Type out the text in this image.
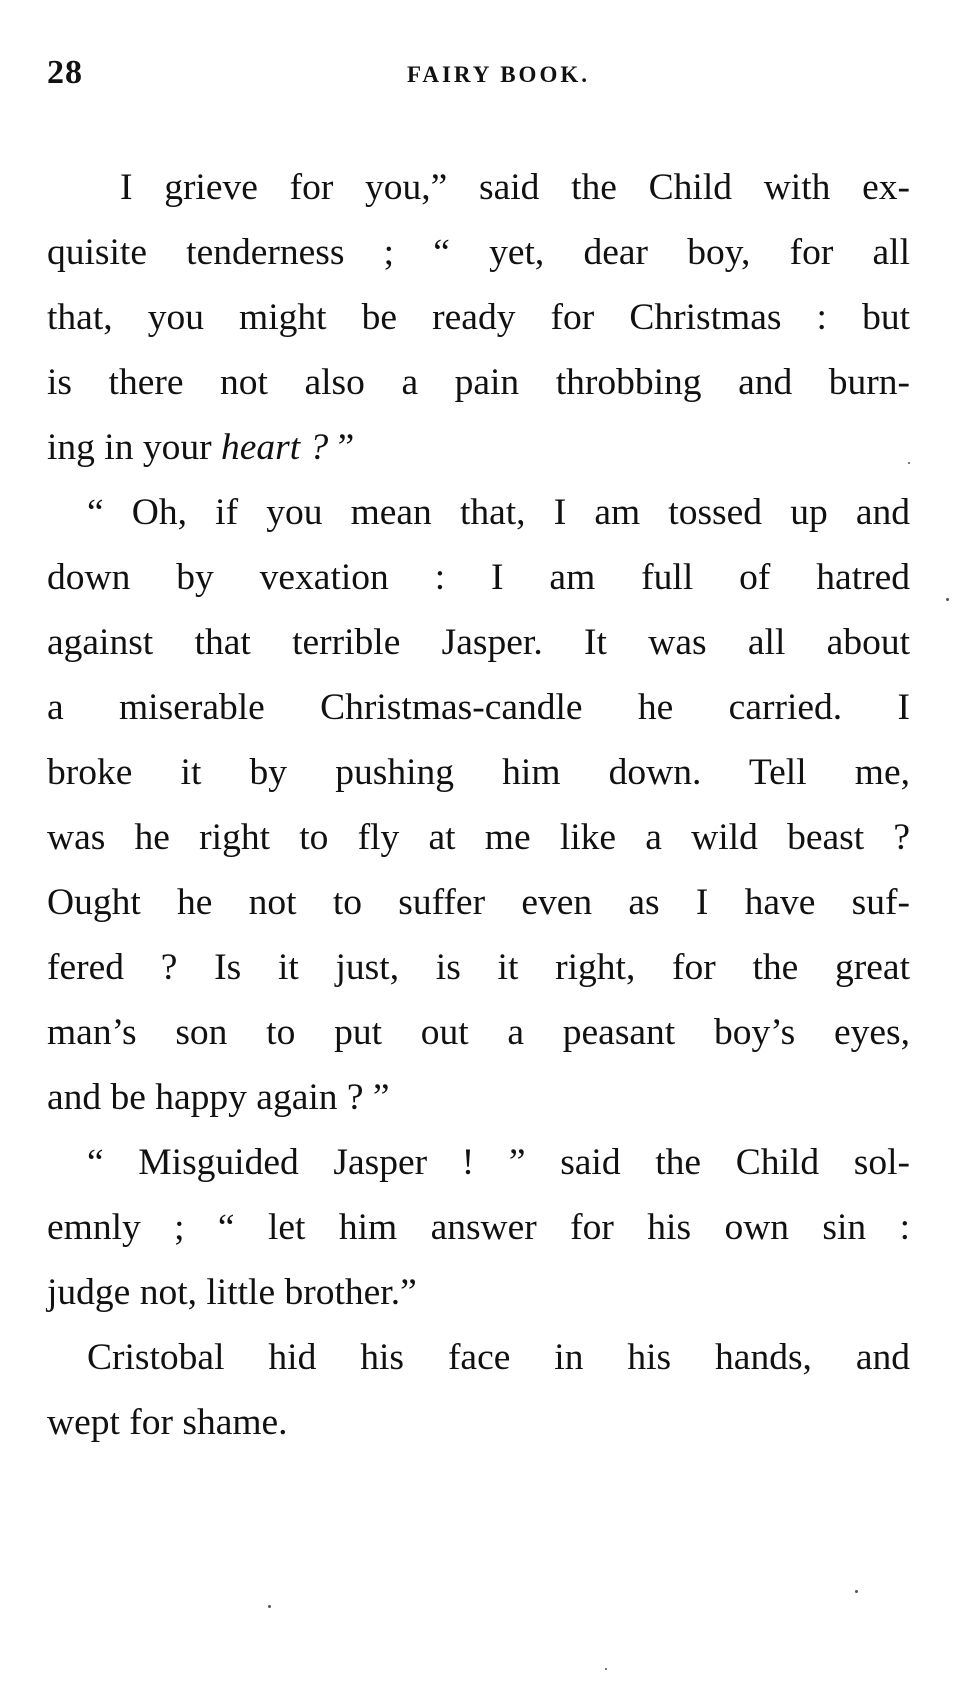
28	FAIRY BOOK.
I grieve for you,” said the Child with ex-
quisite tenderness ; “ yet, dear boy, for all
that, you might be ready for Christmas : but
is there not also a pain throbbing and burn-
ing in your heart ? ”
“ Oh, if you mean that, I am tossed up and
down by vexation : I am full of hatred
against that terrible Jasper. It was all about
a miserable Christmas-candle he carried. I
broke it by pushing him down. Tell me,
was he right to fly at me like a wild beast ?
Ought he not to suffer even as I have suf-
fered ? Is it just, is it right, for the great
man’s son to put out a peasant boy’s eyes,
and be happy again ? ”
“ Misguided Jasper ! ” said the Child sol-
emnly ; “ let him answer for his own sin :
judge not, little brother.”
Cristobal hid his face in his hands, and
wept for shame.
